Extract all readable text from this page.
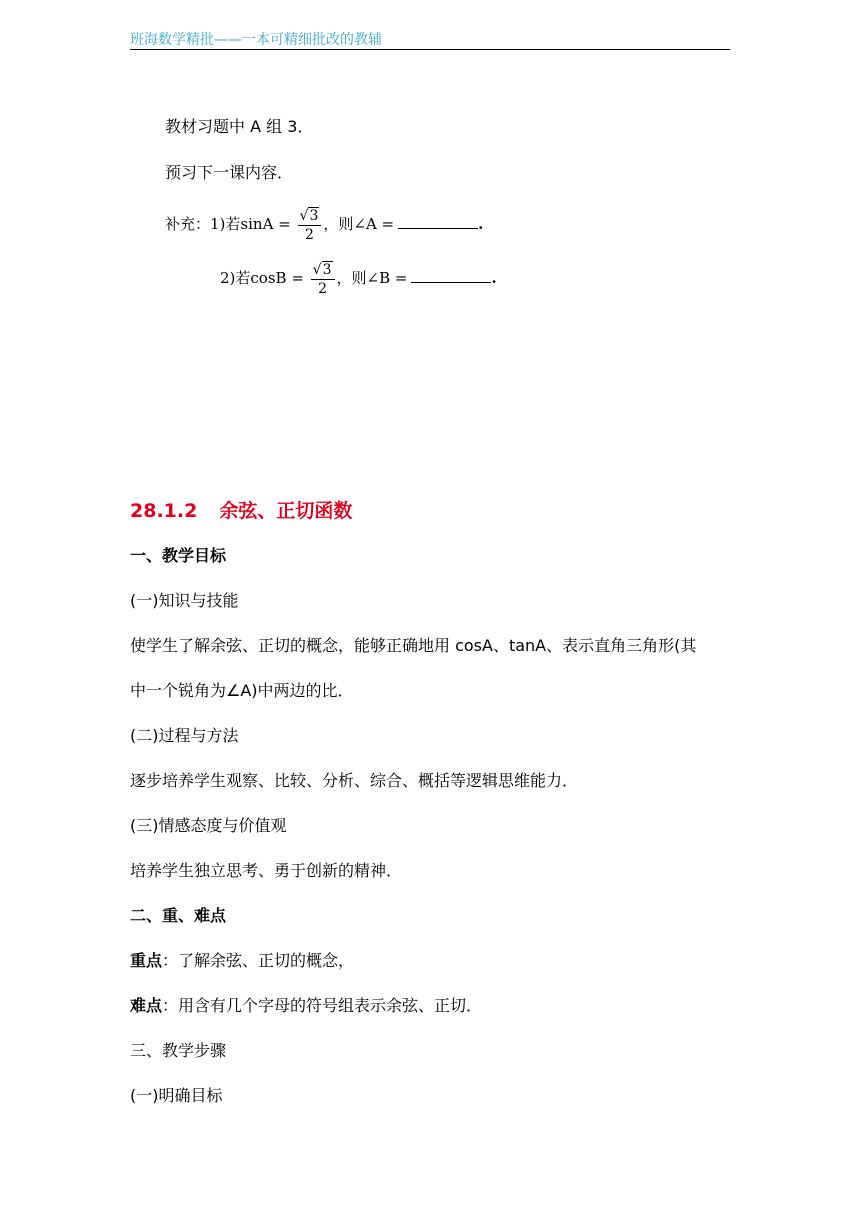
班海数学精批——一本可精细批改的教辅
教材习题中 A 组 3．
预习下一课内容．
补充：1)若$\sin A = \frac{√3}{2}$ ，则∠A =	.
2)若$\cos B = \frac{√3}{2}$ ，则∠B =	.
28.1.2 余弦、正切函数
一、教学目标
(一)知识与技能
使学生了解余弦、正切的概念，能够正确地用 cosA、tanA、表示直角三角形(其
中一个锐角为∠A)中两边的比．
(二)过程与方法
逐步培养学生观察、比较、分析、综合、概括等逻辑思维能力．
(三)情感态度与价值观
培养学生独立思考、勇于创新的精神．
二、重、难点
重点：了解余弦、正切的概念，
难点：用含有几个字母的符号组表示余弦、正切．
三、教学步骤
(一)明确目标
